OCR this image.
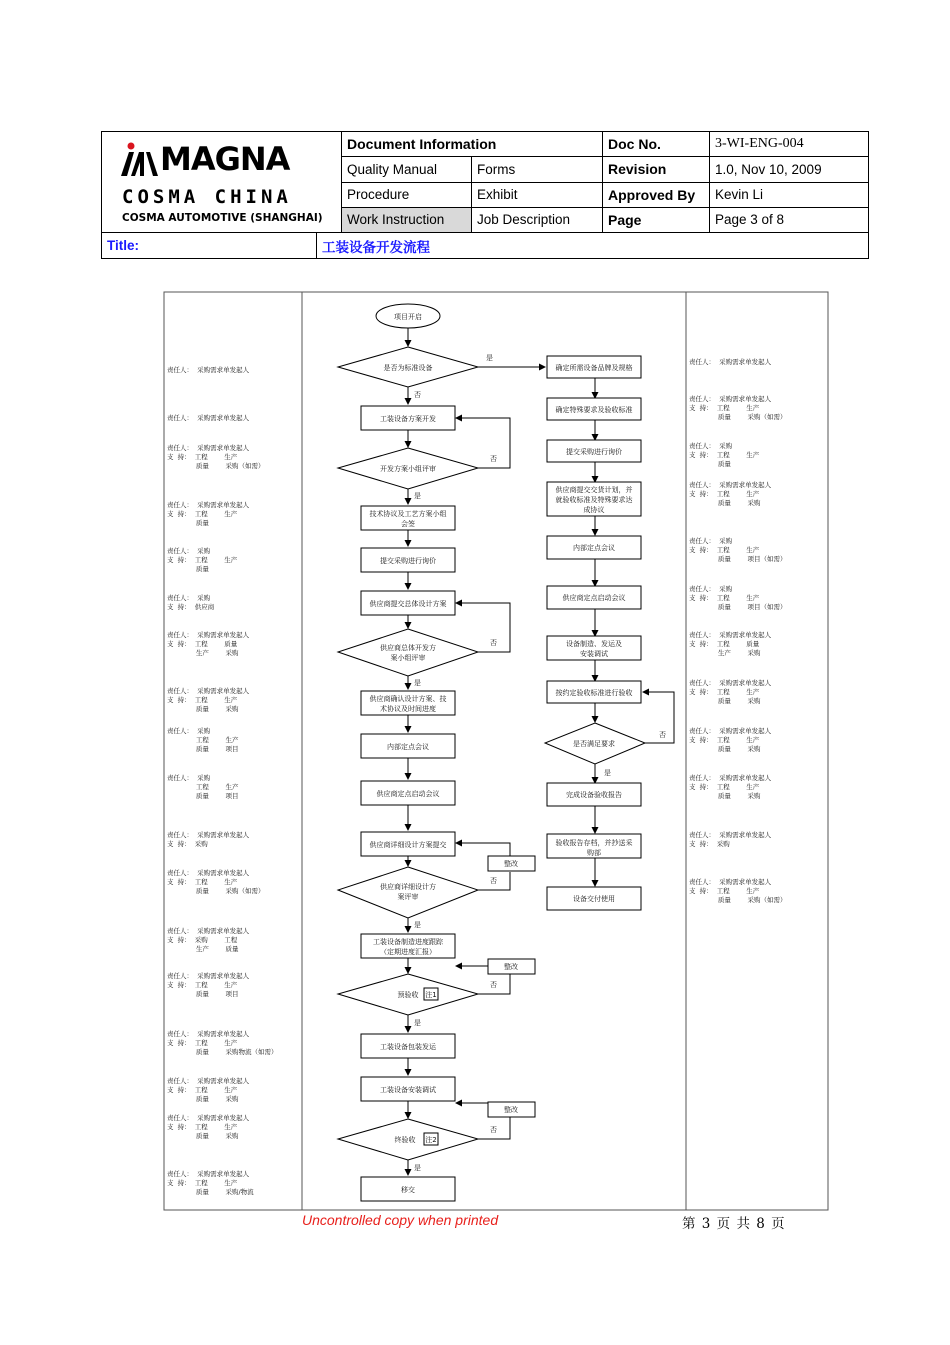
MAGNA
COSMA CHINA
COSMA AUTOMOTIVE (SHANGHAI)		Document Information		Doc No.	3-WI-ENG-004
		Quality Manual	Forms	Revision	1.0, Nov 10, 2009
		Procedure	Exhibit	Approved By	Kevin Li
		Work Instruction	Job Description	Page	Page 3 of 8
Title:	工装设备开发流程				
责任人：  采购需求单发起人
责任人：  采购需求单发起人
责任人：  采购需求单发起人
支  持：  工程        生产
质量        采购（如需）
责任人：  采购需求单发起人
支  持：  工程        生产
质量
责任人：  采购
支  持：  工程        生产
质量
责任人：  采购
支  持：  供应商
责任人：  采购需求单发起人
支  持：  工程        质量
生产        采购
责任人：  采购需求单发起人
支  持：  工程        生产
质量        采购
责任人：  采购
工程        生产
质量        项目
责任人：  采购
工程        生产
质量        项目
责任人：  采购需求单发起人
支  持：  采购
责任人：  采购需求单发起人
支  持：  工程        生产
质量        采购（如需）
责任人：  采购需求单发起人
支  持：  采购        工程
生产        质量
责任人：  采购需求单发起人
支  持：  工程        生产
质量        项目
责任人：  采购需求单发起人
支  持：  工程        生产
质量        采购物流（如需）
责任人：  采购需求单发起人
支  持：  工程        生产
质量        采购
责任人：  采购需求单发起人
支  持：  工程        生产
质量        采购
责任人：  采购需求单发起人
支  持：  工程        生产
质量        采购/物流
责任人：  采购需求单发起人
责任人：  采购需求单发起人
支  持：  工程        生产
质量        采购（如需）
责任人：  采购
支  持：  工程        生产
质量
责任人：  采购需求单发起人
支  持：  工程        生产
质量        采购
责任人：  采购
支  持：  工程        生产
质量        项目（如需）
责任人：  采购
支  持：  工程        生产
质量        项目（如需）
责任人：  采购需求单发起人
支  持：  工程        质量
生产        采购
责任人：  采购需求单发起人
支  持：  工程        生产
质量        采购
责任人：  采购需求单发起人
支  持：  工程        生产
质量        采购
责任人：  采购需求单发起人
支  持：  工程        生产
质量        采购
责任人：  采购需求单发起人
支  持：  采购
责任人：  采购需求单发起人
支  持：  工程        生产
质量        采购（如需）
项目开启
是否为标准设备
是
否
工装设备方案开发
开发方案小组评审
否
是
技术协议及工艺方案小组
会签
提交采购进行询价
供应商提交总体设计方案
供应商总体开发方
案小组评审
否
是
供应商确认设计方案、技
术协议及时间进度
内部定点会议
供应商定点启动会议
供应商详细设计方案提交
整改
供应商详细设计方
案评审
否
是
工装设备制造进度跟踪
（定期进度汇报）
整改
预验收 注1
否
是
工装设备包装发运
工装设备安装调试
整改
终验收 注2
否
是
移交
确定所需设备品牌及规格
确定特殊要求及验收标准
提交采购进行询价
供应商提交交货计划，并
就验收标准及特殊要求达
成协议
内部定点会议
供应商定点启动会议
设备制造、发运及
安装调试
按约定验收标准进行验收
是否满足要求
否
是
完成设备验收报告
验收报告存档，并抄送采
购部
设备交付使用
Uncontrolled copy when printed	第 3 页 共 8 页
